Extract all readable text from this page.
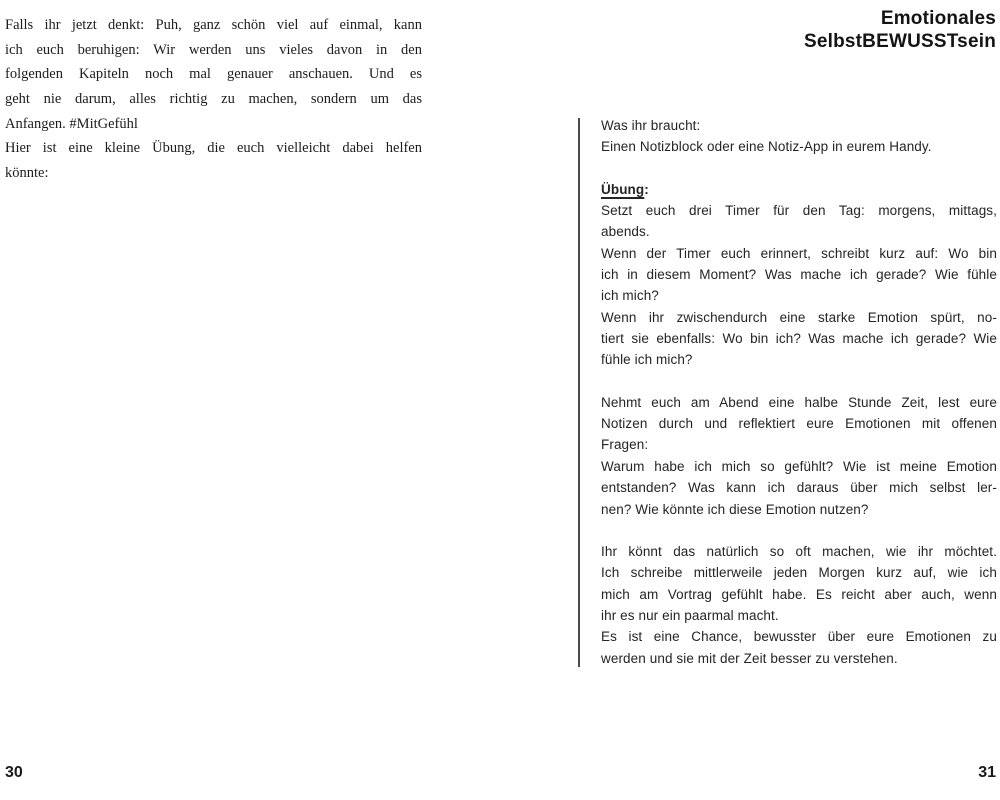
Falls ihr jetzt denkt: Puh, ganz schön viel auf einmal, kann
ich euch beruhigen: Wir werden uns vieles davon in den
folgenden Kapiteln noch mal genauer anschauen. Und es
geht nie darum, alles richtig zu machen, sondern um das
Anfangen. #MitGefühl
Hier ist eine kleine Übung, die euch vielleicht dabei helfen
könnte:
Emotionales
SelbstBEWUSSTsein
Was ihr braucht:
Einen Notizblock oder eine Notiz-App in eurem Handy.
Übung:
Setzt euch drei Timer für den Tag: morgens, mittags,
abends.
Wenn der Timer euch erinnert, schreibt kurz auf: Wo bin
ich in diesem Moment? Was mache ich gerade? Wie fühle
ich mich?
Wenn ihr zwischendurch eine starke Emotion spürt, no-
tiert sie ebenfalls: Wo bin ich? Was mache ich gerade? Wie
fühle ich mich?
Nehmt euch am Abend eine halbe Stunde Zeit, lest eure
Notizen durch und reflektiert eure Emotionen mit offenen
Fragen:
Warum habe ich mich so gefühlt? Wie ist meine Emotion
entstanden? Was kann ich daraus über mich selbst ler-
nen? Wie könnte ich diese Emotion nutzen?
Ihr könnt das natürlich so oft machen, wie ihr möchtet.
Ich schreibe mittlerweile jeden Morgen kurz auf, wie ich
mich am Vortrag gefühlt habe. Es reicht aber auch, wenn
ihr es nur ein paarmal macht.
Es ist eine Chance, bewusster über eure Emotionen zu
werden und sie mit der Zeit besser zu verstehen.
30	31
